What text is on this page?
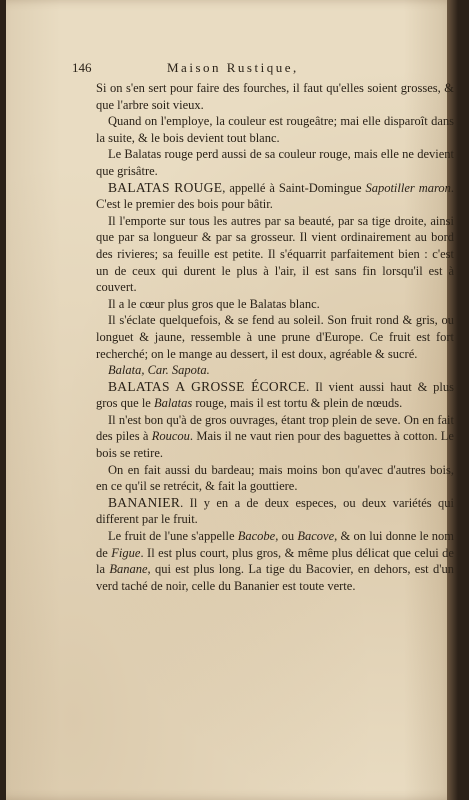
146	Maison Rustique,

Si on s'en sert pour faire des fourches, il faut qu'elles soient grosses, & que l'arbre soit vieux.

Quand on l'employe, la couleur est rougeâtre; mai elle disparoît dans la suite, & le bois devient tout blanc.

Le Balatas rouge perd aussi de sa couleur rouge, mais elle ne devient que grisâtre.

BALATAS ROUGE, appellé à Saint-Domingue Sapotiller maron. C'est le premier des bois pour bâtir.

Il l'emporte sur tous les autres par sa beauté, par sa tige droite, ainsi que par sa longueur & par sa grosseur. Il vient ordinairement au bord des rivieres; sa feuille est petite. Il s'équarrit parfaitement bien : c'est un de ceux qui durent le plus à l'air, il est sans fin lorsqu'il est à couvert.

Il a le cœur plus gros que le Balatas blanc.

Il s'éclate quelquefois, & se fend au soleil. Son fruit rond & gris, ou longuet & jaune, ressemble à une prune d'Europe. Ce fruit est fort recherché; on le mange au dessert, il est doux, agréable & sucré.

Balata, Car. Sapota.

BALATAS A GROSSE ÉCORCE. Il vient aussi haut & plus gros que le Balatas rouge, mais il est tortu & plein de nœuds.

Il n'est bon qu'à de gros ouvrages, étant trop plein de seve. On en fait des piles à Roucou. Mais il ne vaut rien pour des baguettes à cotton. Le bois se retire.

On en fait aussi du bardeau; mais moins bon qu'avec d'autres bois, en ce qu'il se retrécit, & fait la gouttiere.

BANANIER. Il y en a de deux especes, ou deux variétés qui different par le fruit.

Le fruit de l'une s'appelle Bacobe, ou Bacove, & on lui donne le nom de Figue. Il est plus court, plus gros, & même plus délicat que celui de la Banane, qui est plus long. La tige du Bacovier, en dehors, est d'un verd taché de noir, celle du Bananier est toute verte.
